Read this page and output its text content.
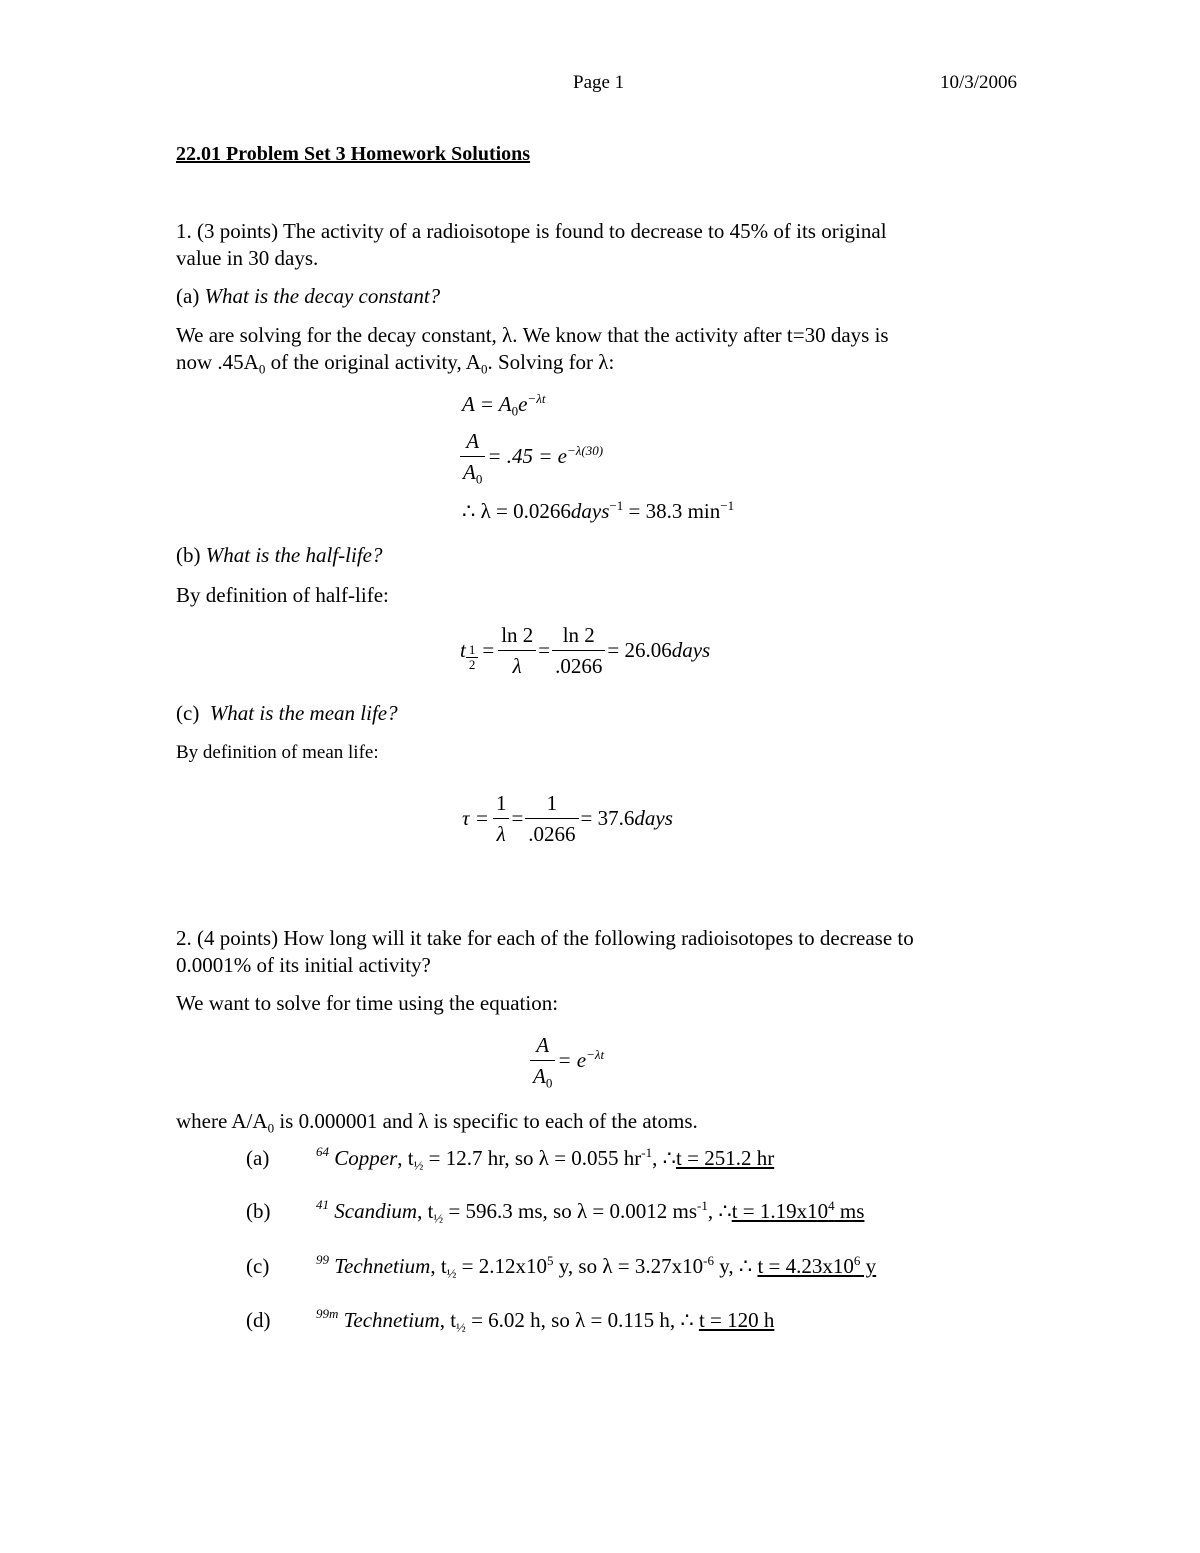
Page 1	10/3/2006
22.01 Problem Set 3 Homework Solutions
1. (3 points) The activity of a radioisotope is found to decrease to 45% of its original
value in 30 days.
(a) What is the decay constant?
We are solving for the decay constant, λ. We know that the activity after t=30 days is
now $.45A_0$ of the original activity, $A_0$. Solving for λ:
$A = A_0e^{-\lambda t}$
$\frac{A}{A_0} = .45 = e^{-\lambda(30)}$
∴ λ = 0.0266days$^{-1}$ = 38.3 $\min^{-1}$
(b) What is the half-life?
By definition of half-life:
t $\frac{1}{2} = \frac{\ln 2}{\lambda} = \frac{\ln 2}{.0266}$ = 26.06days
(c) What is the mean life?
By definition of mean life:
$\tau = \frac{1}{\lambda} = \frac{1}{.0266}$ = 37.6days
2. (4 points) How long will it take for each of the following radioisotopes to decrease to
0.0001% of its initial activity?
We want to solve for time using the equation:
$\frac{A}{A_0} = e^{-\lambda t}$
where $A/A_0$ is 0.000001 and λ is specific to each of the atoms.
(a)	$^{64}$ Copper, $t_{\frac{1}{2}} = 12.7$ hr, so λ = 0.055 $hr^{-1}$, ∴t = 251.2 hr
(b)	$^{41}$ Scandium, $t_{\frac{1}{2}} = 596.3$ ms, so λ = 0.0012 $ms^{-1}$, ∴t = $1.19x10^4$ ms
(c)	$^{99}$ Technetium, $t_{\frac{1}{2}} = 2.12x10^5$ y, so $\lambda = 3.27x10^{-6}$ y, ∴ $t = 4.23x10^6$ y
(d)	$^{99m}$ Technetium, $t_{\frac{1}{2}} = 6.02$ h, so λ = 0.115 h, ∴ t = 120 h
